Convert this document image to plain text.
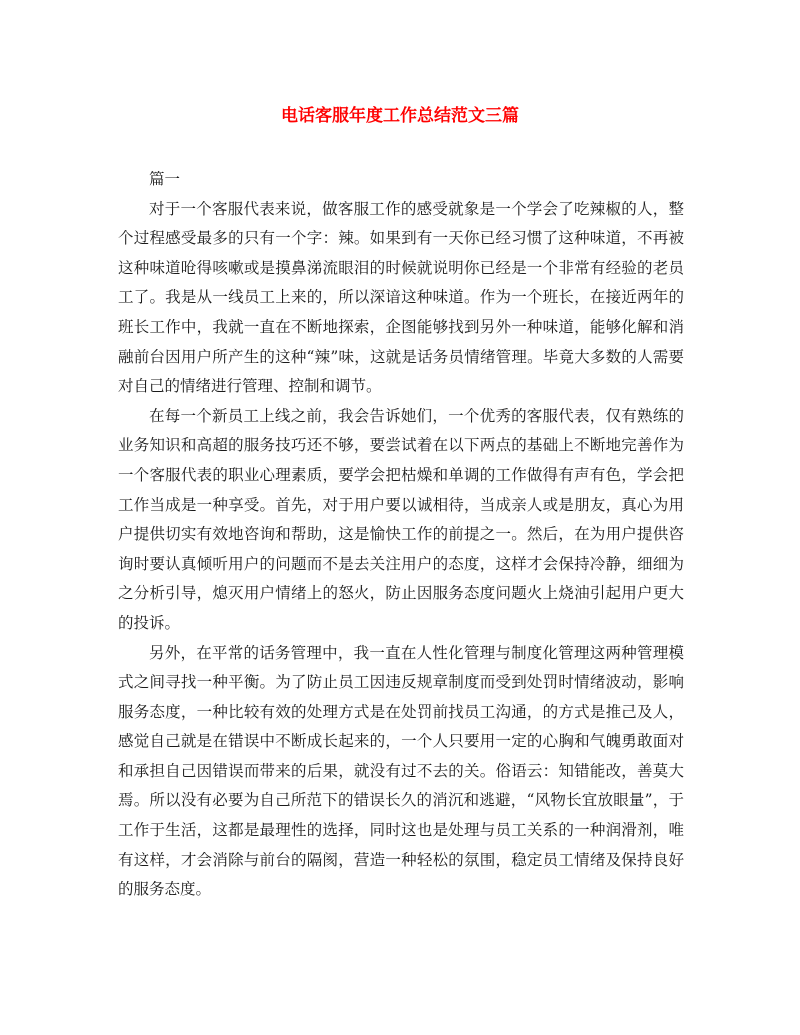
电话客服年度工作总结范文三篇

篇一

对于一个客服代表来说，做客服工作的感受就象是一个学会了吃辣椒的人，整个过程感受最多的只有一个字：辣。如果到有一天你已经习惯了这种味道，不再被这种味道呛得咳嗽或是摸鼻涕流眼泪的时候就说明你已经是一个非常有经验的老员工了。我是从一线员工上来的，所以深谙这种味道。作为一个班长，在接近两年的班长工作中，我就一直在不断地探索，企图能够找到另外一种味道，能够化解和消融前台因用户所产生的这种“辣”味，这就是话务员情绪管理。毕竟大多数的人需要对自己的情绪进行管理、控制和调节。

在每一个新员工上线之前，我会告诉她们，一个优秀的客服代表，仅有熟练的业务知识和高超的服务技巧还不够，要尝试着在以下两点的基础上不断地完善作为一个客服代表的职业心理素质，要学会把枯燥和单调的工作做得有声有色，学会把工作当成是一种享受。首先，对于用户要以诚相待，当成亲人或是朋友，真心为用户提供切实有效地咨询和帮助，这是愉快工作的前提之一。然后，在为用户提供咨询时要认真倾听用户的问题而不是去关注用户的态度，这样才会保持冷静，细细为之分析引导，熄灭用户情绪上的怒火，防止因服务态度问题火上烧油引起用户更大的投诉。

另外，在平常的话务管理中，我一直在人性化管理与制度化管理这两种管理模式之间寻找一种平衡。为了防止员工因违反规章制度而受到处罚时情绪波动，影响服务态度，一种比较有效的处理方式是在处罚前找员工沟通，的方式是推己及人，感觉自己就是在错误中不断成长起来的，一个人只要用一定的心胸和气魄勇敢面对和承担自己因错误而带来的后果，就没有过不去的关。俗语云：知错能改，善莫大焉。所以没有必要为自己所范下的错误长久的消沉和逃避，“风物长宜放眼量”，于工作于生活，这都是最理性的选择，同时这也是处理与员工关系的一种润滑剂，唯有这样，才会消除与前台的隔阂，营造一种轻松的氛围，稳定员工情绪及保持良好的服务态度。
